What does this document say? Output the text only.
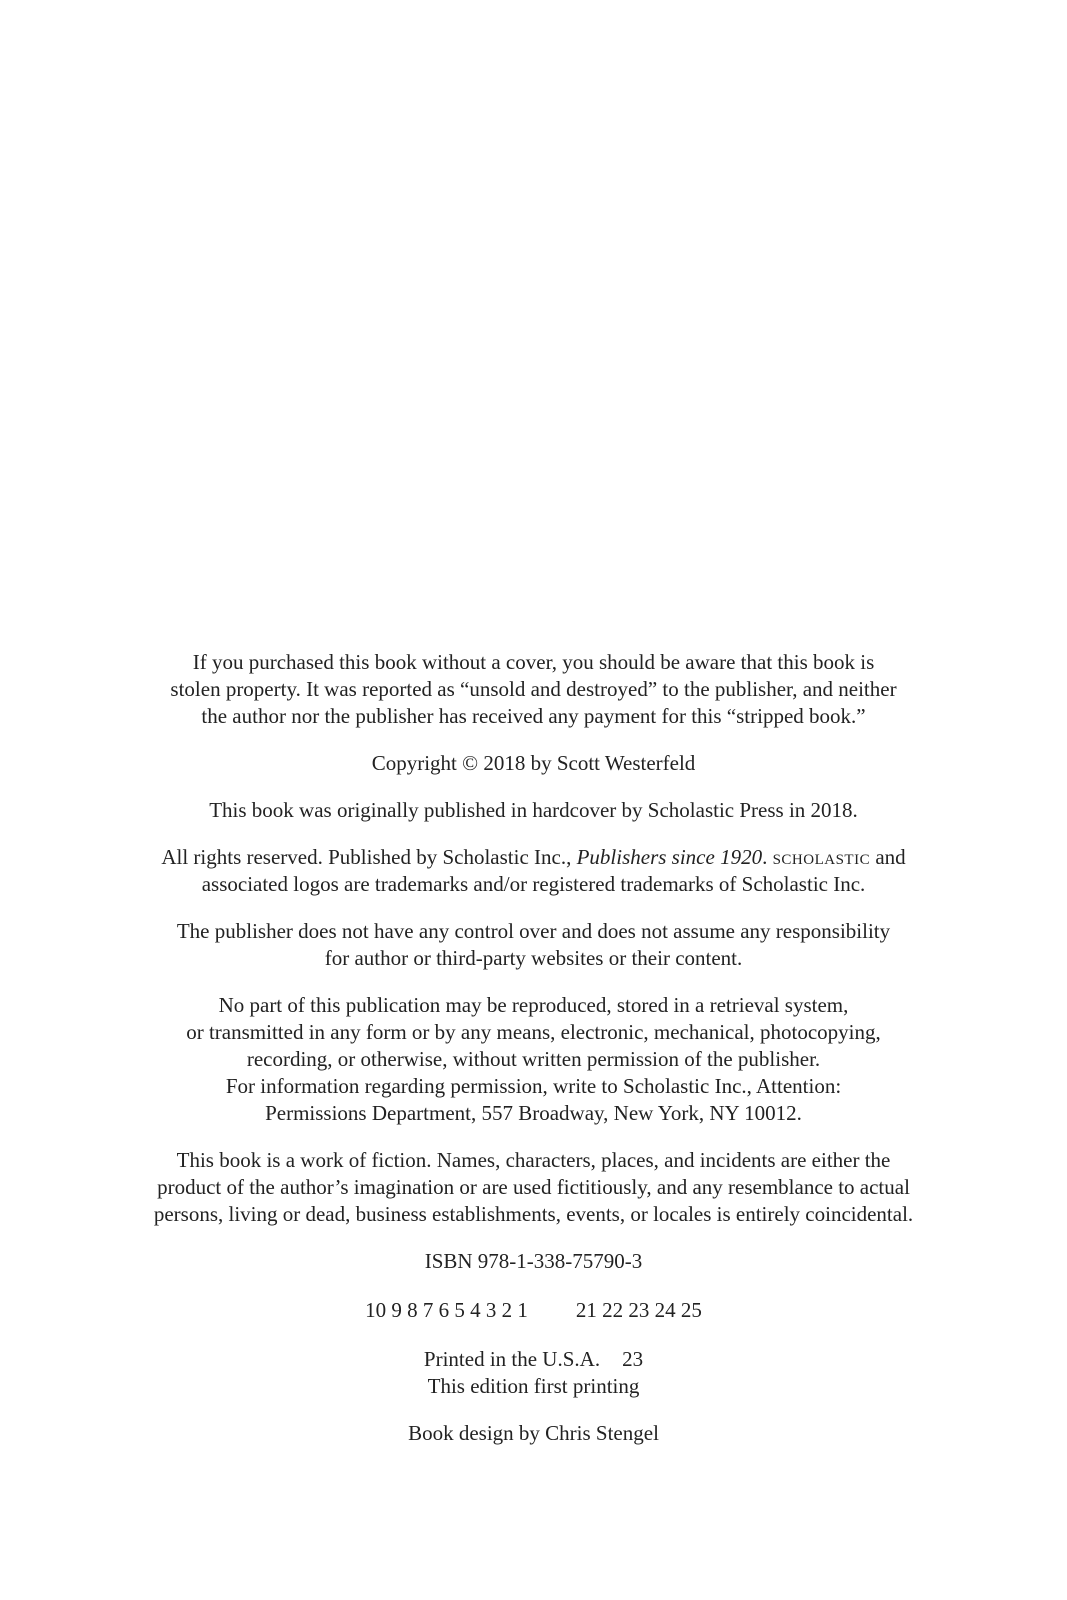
If you purchased this book without a cover, you should be aware that this book is
stolen property. It was reported as “unsold and destroyed” to the publisher, and neither
the author nor the publisher has received any payment for this “stripped book.”

Copyright © 2018 by Scott Westerfeld

This book was originally published in hardcover by Scholastic Press in 2018.

All rights reserved. Published by Scholastic Inc., Publishers since 1920. scholastic and
associated logos are trademarks and/or registered trademarks of Scholastic Inc.

The publisher does not have any control over and does not assume any responsibility
for author or third-party websites or their content.

No part of this publication may be reproduced, stored in a retrieval system,
or transmitted in any form or by any means, electronic, mechanical, photocopying,
recording, or otherwise, without written permission of the publisher.
For information regarding permission, write to Scholastic Inc., Attention:
Permissions Department, 557 Broadway, New York, NY 10012.

This book is a work of fiction. Names, characters, places, and incidents are either the
product of the author’s imagination or are used fictitiously, and any resemblance to actual
persons, living or dead, business establishments, events, or locales is entirely coincidental.

ISBN 978-1-338-75790-3

10 9 8 7 6 5 4 3 2 1 21 22 23 24 25

Printed in the U.S.A. 23
This edition first printing

Book design by Chris Stengel
